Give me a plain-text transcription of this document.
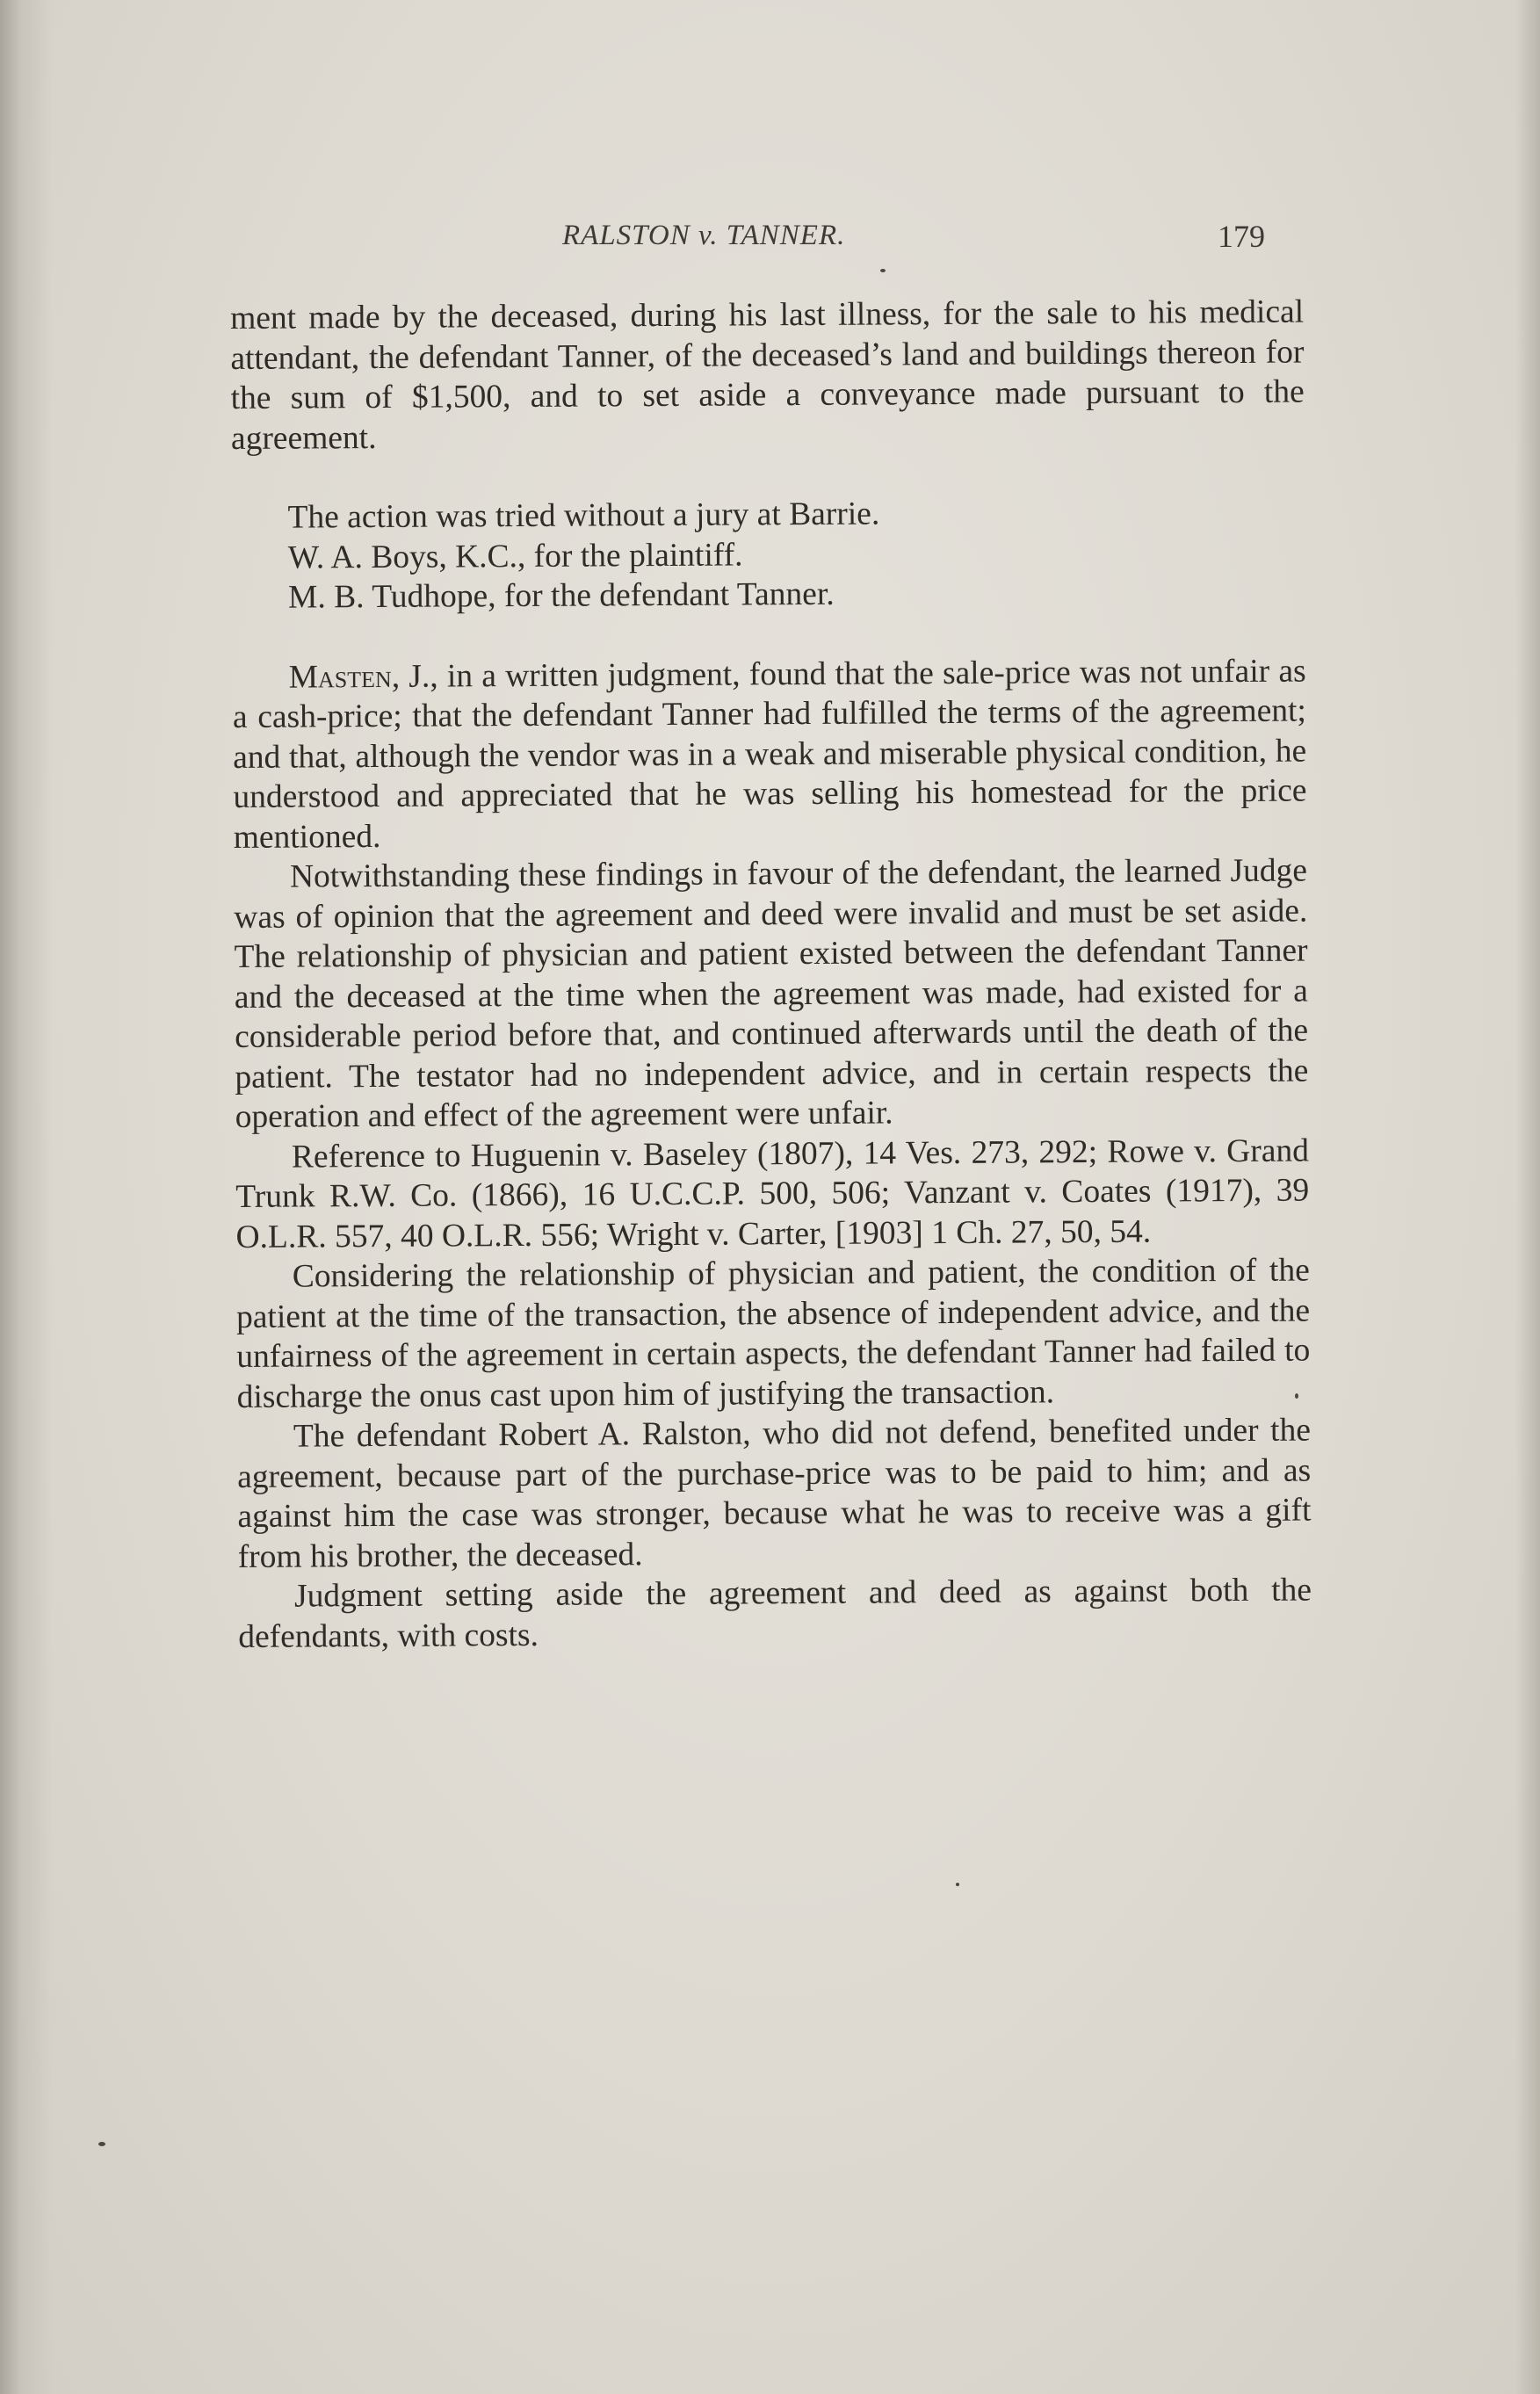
RALSTON v. TANNER.	179

ment made by the deceased, during his last illness, for the sale to his medical attendant, the defendant Tanner, of the deceased’s land and buildings thereon for the sum of $1,500, and to set aside a conveyance made pursuant to the agreement.

The action was tried without a jury at Barrie.

W. A. Boys, K.C., for the plaintiff.

M. B. Tudhope, for the defendant Tanner.

Masten, J., in a written judgment, found that the sale-price was not unfair as a cash-price; that the defendant Tanner had fulfilled the terms of the agreement; and that, although the vendor was in a weak and miserable physical condition, he understood and appreciated that he was selling his homestead for the price mentioned.

Notwithstanding these findings in favour of the defendant, the learned Judge was of opinion that the agreement and deed were invalid and must be set aside. The relationship of physician and patient existed between the defendant Tanner and the deceased at the time when the agreement was made, had existed for a considerable period before that, and continued afterwards until the death of the patient. The testator had no independent advice, and in certain respects the operation and effect of the agreement were unfair.

Reference to Huguenin v. Baseley (1807), 14 Ves. 273, 292; Rowe v. Grand Trunk R.W. Co. (1866), 16 U.C.C.P. 500, 506; Vanzant v. Coates (1917), 39 O.L.R. 557, 40 O.L.R. 556; Wright v. Carter, [1903] 1 Ch. 27, 50, 54.

Considering the relationship of physician and patient, the condition of the patient at the time of the transaction, the absence of independent advice, and the unfairness of the agreement in certain aspects, the defendant Tanner had failed to discharge the onus cast upon him of justifying the transaction.

The defendant Robert A. Ralston, who did not defend, benefited under the agreement, because part of the purchase-price was to be paid to him; and as against him the case was stronger, because what he was to receive was a gift from his brother, the deceased.

Judgment setting aside the agreement and deed as against both the defendants, with costs.
